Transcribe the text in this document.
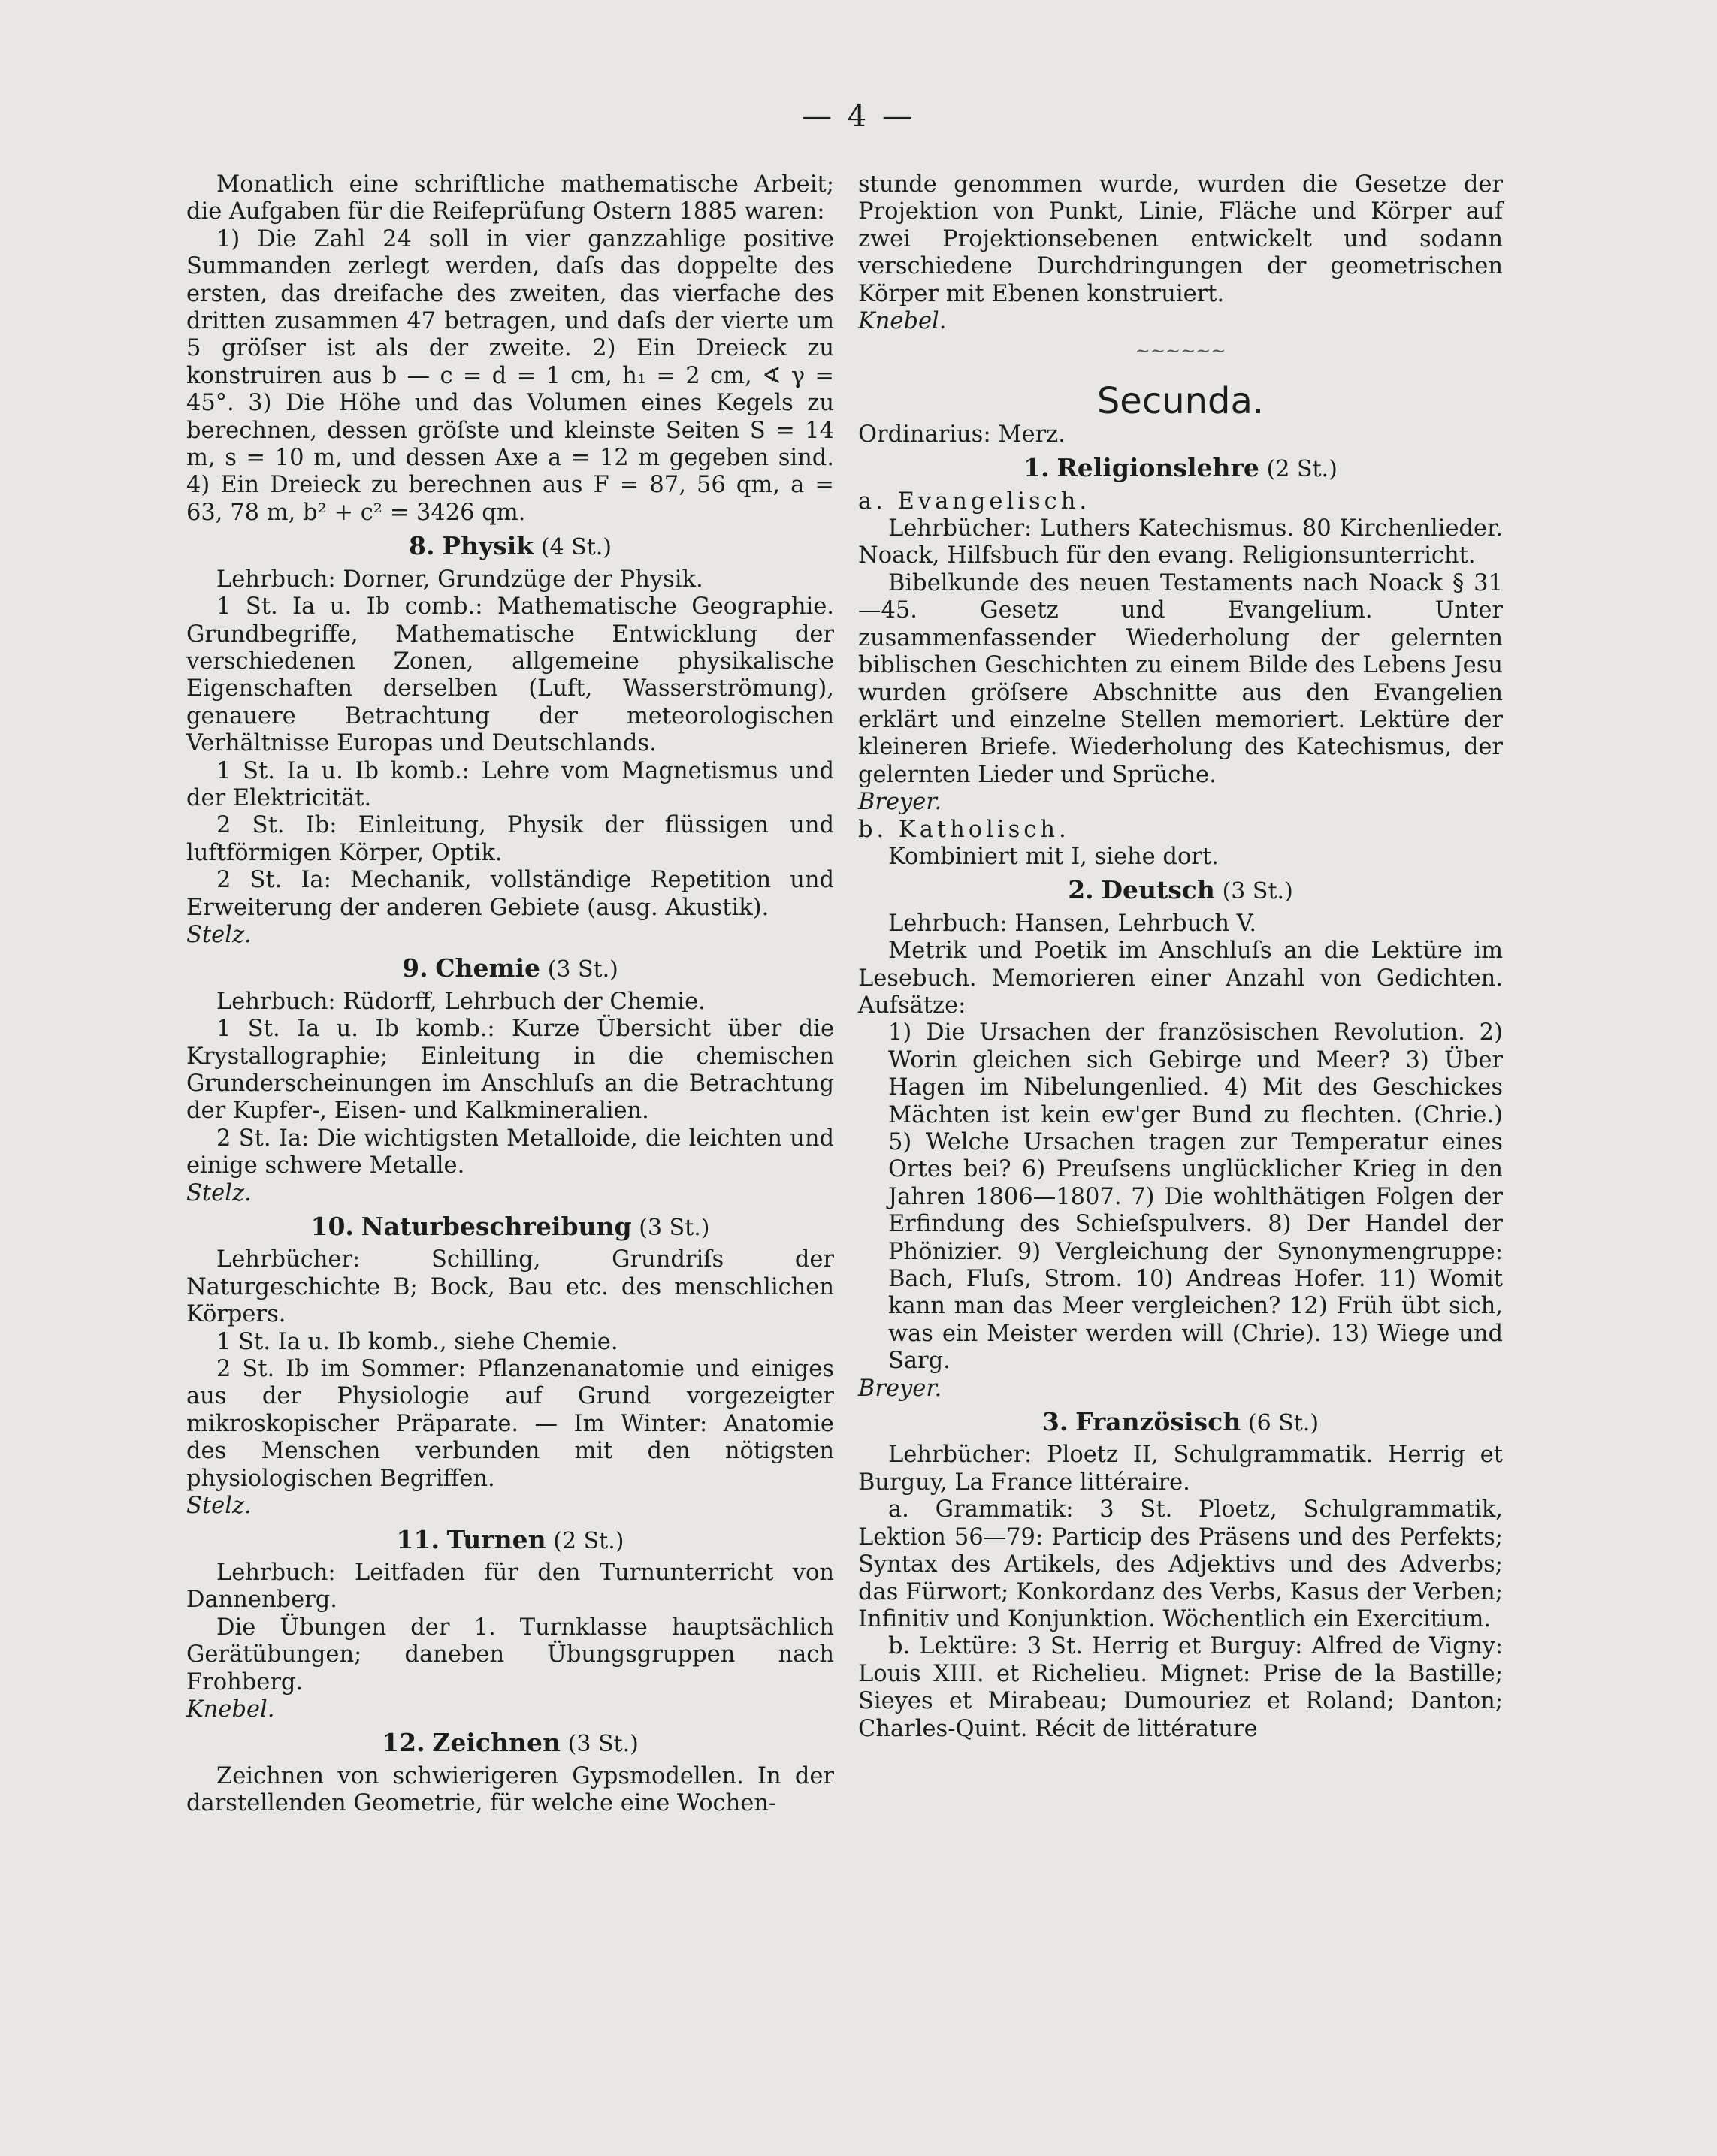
— 4 —

Monatlich eine schriftliche mathematische Arbeit; die Aufgaben für die Reifeprüfung Ostern 1885 waren:

1) Die Zahl 24 soll in vier ganzzahlige positive Summanden zerlegt werden, daſs das doppelte des ersten, das dreifache des zweiten, das vierfache des dritten zusammen 47 betragen, und daſs der vierte um 5 gröſser ist als der zweite. 2) Ein Dreieck zu konstruiren aus b — c = d = 1 cm, h₁ = 2 cm, ∢ γ = 45°. 3) Die Höhe und das Volumen eines Kegels zu berechnen, dessen gröſste und kleinste Seiten S = 14 m, s = 10 m, und dessen Axe a = 12 m gegeben sind. 4) Ein Dreieck zu berechnen aus F = 87, 56 qm, a = 63, 78 m, b² + c² = 3426 qm.

8. Physik (4 St.)

Lehrbuch: Dorner, Grundzüge der Physik.

1 St. Ia u. Ib comb.: Mathematische Geographie. Grundbegriffe, Mathematische Entwicklung der verschiedenen Zonen, allgemeine physikalische Eigenschaften derselben (Luft, Wasserströmung), genauere Betrachtung der meteorologischen Verhältnisse Europas und Deutschlands.

1 St. Ia u. Ib komb.: Lehre vom Magnetismus und der Elektricität.

2 St. Ib: Einleitung, Physik der flüssigen und luftförmigen Körper, Optik.

2 St. Ia: Mechanik, vollständige Repetition und Erweiterung der anderen Gebiete (ausg. Akustik).

Stelz.

9. Chemie (3 St.)

Lehrbuch: Rüdorff, Lehrbuch der Chemie.

1 St. Ia u. Ib komb.: Kurze Übersicht über die Krystallographie; Einleitung in die chemischen Grunderscheinungen im Anschluſs an die Betrachtung der Kupfer-, Eisen- und Kalkmineralien.

2 St. Ia: Die wichtigsten Metalloide, die leichten und einige schwere Metalle.

Stelz.

10. Naturbeschreibung (3 St.)

Lehrbücher: Schilling, Grundriſs der Naturgeschichte B; Bock, Bau etc. des menschlichen Körpers.

1 St. Ia u. Ib komb., siehe Chemie.

2 St. Ib im Sommer: Pflanzenanatomie und einiges aus der Physiologie auf Grund vorgezeigter mikroskopischer Präparate. — Im Winter: Anatomie des Menschen verbunden mit den nötigsten physiologischen Begriffen.

Stelz.

11. Turnen (2 St.)

Lehrbuch: Leitfaden für den Turnunterricht von Dannenberg.

Die Übungen der 1. Turnklasse hauptsächlich Gerätübungen; daneben Übungsgruppen nach Frohberg.

Knebel.

12. Zeichnen (3 St.)

Zeichnen von schwierigeren Gypsmodellen. In der darstellenden Geometrie, für welche eine Wochen-

stunde genommen wurde, wurden die Gesetze der Projektion von Punkt, Linie, Fläche und Körper auf zwei Projektionsebenen entwickelt und sodann verschiedene Durchdringungen der geometrischen Körper mit Ebenen konstruiert.

Knebel.

~~~~~~
Secunda.

Ordinarius: Merz.

1. Religionslehre (2 St.)

a. Evangelisch.

Lehrbücher: Luthers Katechismus. 80 Kirchenlieder. Noack, Hilfsbuch für den evang. Religionsunterricht.

Bibelkunde des neuen Testaments nach Noack § 31—45. Gesetz und Evangelium. Unter zusammenfassender Wiederholung der gelernten biblischen Geschichten zu einem Bilde des Lebens Jesu wurden gröſsere Abschnitte aus den Evangelien erklärt und einzelne Stellen memoriert. Lektüre der kleineren Briefe. Wiederholung des Katechismus, der gelernten Lieder und Sprüche.

Breyer.

b. Katholisch.

Kombiniert mit I, siehe dort.

2. Deutsch (3 St.)

Lehrbuch: Hansen, Lehrbuch V.

Metrik und Poetik im Anschluſs an die Lektüre im Lesebuch. Memorieren einer Anzahl von Gedichten. Aufsätze:

1) Die Ursachen der französischen Revolution. 2) Worin gleichen sich Gebirge und Meer? 3) Über Hagen im Nibelungenlied. 4) Mit des Geschickes Mächten ist kein ew'ger Bund zu flechten. (Chrie.) 5) Welche Ursachen tragen zur Temperatur eines Ortes bei? 6) Preuſsens unglücklicher Krieg in den Jahren 1806—1807. 7) Die wohlthätigen Folgen der Erfindung des Schieſspulvers. 8) Der Handel der Phönizier. 9) Vergleichung der Synonymengruppe: Bach, Fluſs, Strom. 10) Andreas Hofer. 11) Womit kann man das Meer vergleichen? 12) Früh übt sich, was ein Meister werden will (Chrie). 13) Wiege und Sarg.

Breyer.

3. Französisch (6 St.)

Lehrbücher: Ploetz II, Schulgrammatik. Herrig et Burguy, La France littéraire.

a. Grammatik: 3 St. Ploetz, Schulgrammatik, Lektion 56—79: Particip des Präsens und des Perfekts; Syntax des Artikels, des Adjektivs und des Adverbs; das Fürwort; Konkordanz des Verbs, Kasus der Verben; Infinitiv und Konjunktion. Wöchentlich ein Exercitium.

b. Lektüre: 3 St. Herrig et Burguy: Alfred de Vigny: Louis XIII. et Richelieu. Mignet: Prise de la Bastille; Sieyes et Mirabeau; Dumouriez et Roland; Danton; Charles-Quint. Récit de littérature
